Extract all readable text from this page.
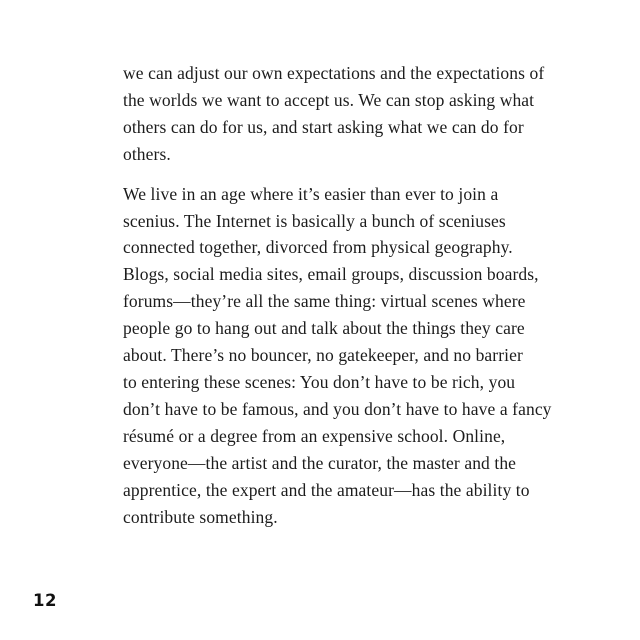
we can adjust our own expectations and the expectations of
the worlds we want to accept us. We can stop asking what
others can do for us, and start asking what we can do for
others.
We live in an age where it’s easier than ever to join a
scenius. The Internet is basically a bunch of sceniuses
connected together, divorced from physical geography.
Blogs, social media sites, email groups, discussion boards,
forums—they’re all the same thing: virtual scenes where
people go to hang out and talk about the things they care
about. There’s no bouncer, no gatekeeper, and no barrier
to entering these scenes: You don’t have to be rich, you
don’t have to be famous, and you don’t have to have a fancy
résumé or a degree from an expensive school. Online,
everyone—the artist and the curator, the master and the
apprentice, the expert and the amateur—has the ability to
contribute something.
12
